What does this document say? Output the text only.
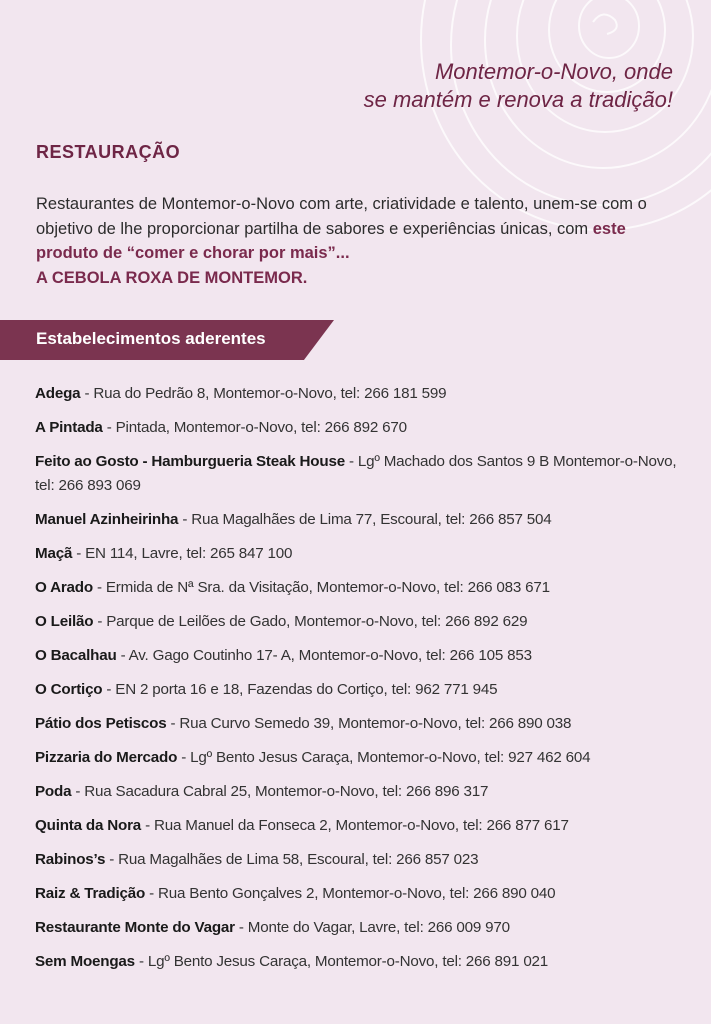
Montemor-o-Novo, onde
se mantém e renova a tradição!
RESTAURAÇÃO

Restaurantes de Montemor-o-Novo com arte, criatividade e talento, unem-se com o objetivo de lhe proporcionar partilha de sabores e experiências únicas, com este produto de “comer e chorar por mais”...
A CEBOLA ROXA DE MONTEMOR.

Estabelecimentos aderentes
Adega - Rua do Pedrão 8, Montemor-o-Novo, tel: 266 181 599
A Pintada - Pintada, Montemor-o-Novo, tel: 266 892 670
Feito ao Gosto - Hamburgueria Steak House - Lgº Machado dos Santos 9 B Montemor-o-Novo, tel: 266 893 069
Manuel Azinheirinha - Rua Magalhães de Lima 77, Escoural, tel: 266 857 504
Maçã - EN 114, Lavre, tel: 265 847 100
O Arado - Ermida de Nª Sra. da Visitação, Montemor-o-Novo, tel: 266 083 671
O Leilão - Parque de Leilões de Gado, Montemor-o-Novo, tel: 266 892 629
O Bacalhau - Av. Gago Coutinho 17- A, Montemor-o-Novo, tel: 266 105 853
O Cortiço - EN 2 porta 16 e 18, Fazendas do Cortiço, tel: 962 771 945
Pátio dos Petiscos - Rua Curvo Semedo 39, Montemor-o-Novo, tel: 266 890 038
Pizzaria do Mercado - Lgº Bento Jesus Caraça, Montemor-o-Novo, tel: 927 462 604
Poda - Rua Sacadura Cabral 25, Montemor-o-Novo, tel: 266 896 317
Quinta da Nora - Rua Manuel da Fonseca 2, Montemor-o-Novo, tel: 266 877 617
Rabinos’s - Rua Magalhães de Lima 58, Escoural, tel: 266 857 023
Raiz & Tradição - Rua Bento Gonçalves 2, Montemor-o-Novo, tel: 266 890 040
Restaurante Monte do Vagar - Monte do Vagar, Lavre, tel: 266 009 970
Sem Moengas - Lgº Bento Jesus Caraça, Montemor-o-Novo, tel: 266 891 021
